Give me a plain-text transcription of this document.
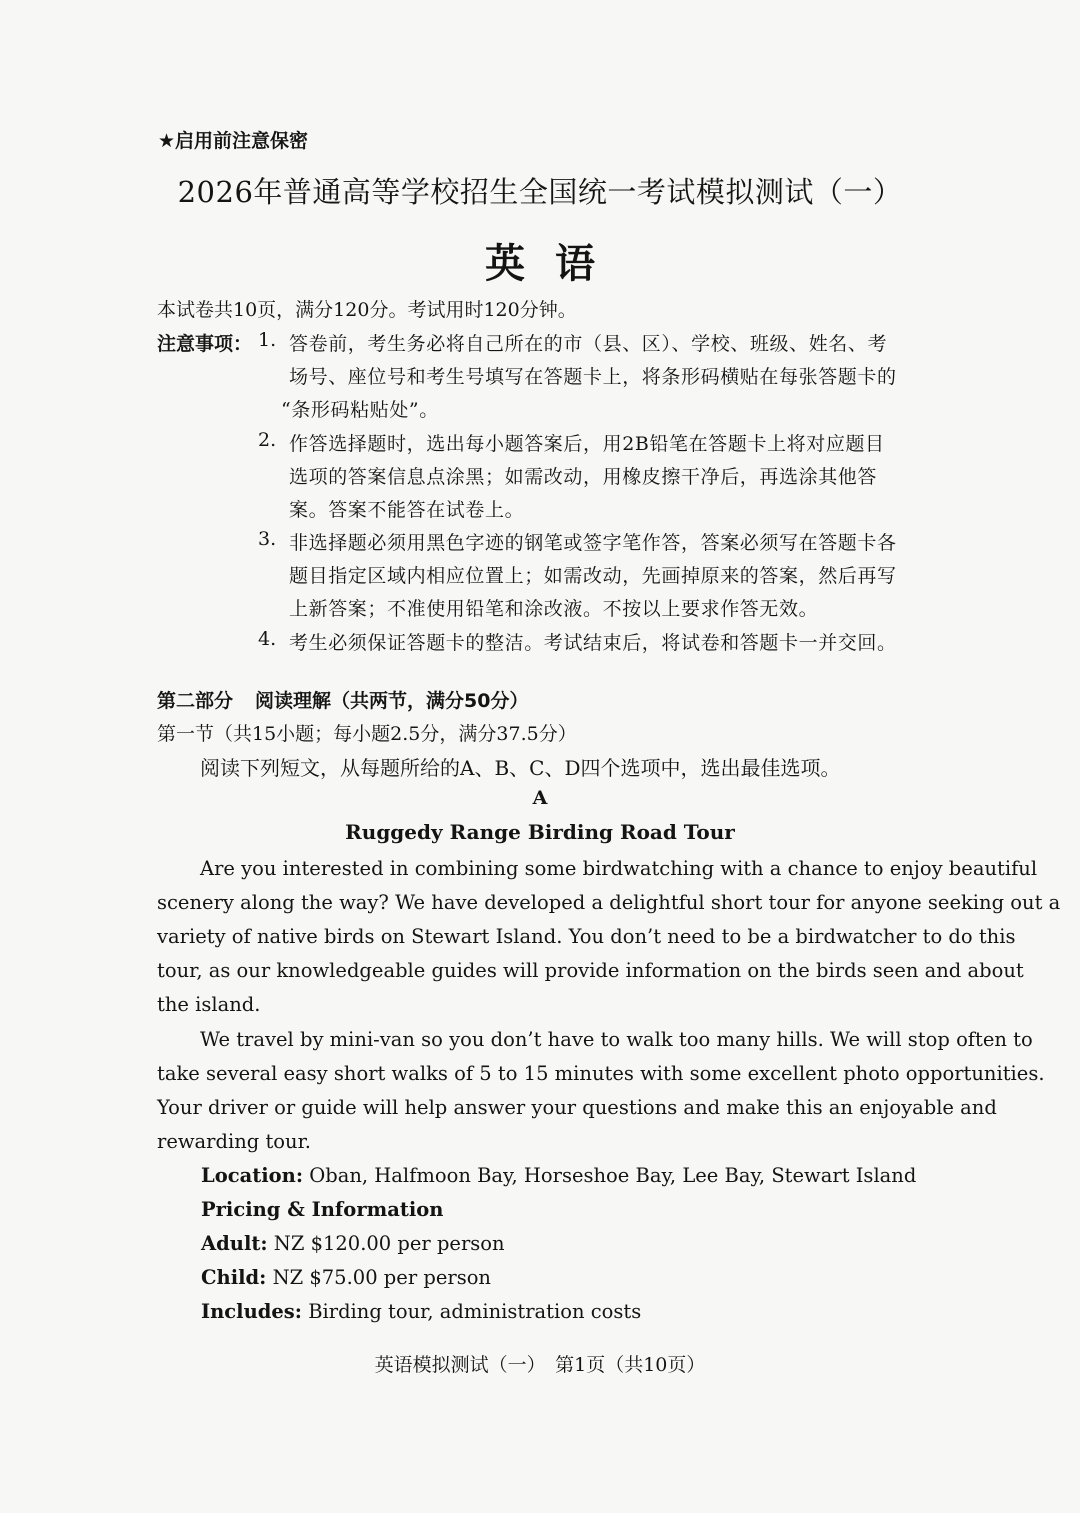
★启用前注意保密
2026年普通高等学校招生全国统一考试模拟测试（一）
英语
本试卷共10页，满分120分。考试用时120分钟。
注意事项： 1. 答卷前，考生务必将自己所在的市（县、区）、学校、班级、姓名、考
场号、座位号和考生号填写在答题卡上，将条形码横贴在每张答题卡的
“条形码粘贴处”。
2. 作答选择题时，选出每小题答案后，用2B铅笔在答题卡上将对应题目
选项的答案信息点涂黑；如需改动，用橡皮擦干净后，再选涂其他答
案。答案不能答在试卷上。
3. 非选择题必须用黑色字迹的钢笔或签字笔作答，答案必须写在答题卡各
题目指定区域内相应位置上；如需改动，先画掉原来的答案，然后再写
上新答案；不准使用铅笔和涂改液。不按以上要求作答无效。
4. 考生必须保证答题卡的整洁。考试结束后，将试卷和答题卡一并交回。
第二部分 阅读理解（共两节，满分50分）
第一节（共15小题；每小题2.5分，满分37.5分）
阅读下列短文，从每题所给的A、B、C、D四个选项中，选出最佳选项。
A
Ruggedy Range Birding Road Tour
Are you interested in combining some birdwatching with a chance to enjoy beautiful
scenery along the way? We have developed a delightful short tour for anyone seeking out a
variety of native birds on Stewart Island. You don’t need to be a birdwatcher to do this
tour, as our knowledgeable guides will provide information on the birds seen and about
the island.
We travel by mini-van so you don’t have to walk too many hills. We will stop often to
take several easy short walks of 5 to 15 minutes with some excellent photo opportunities.
Your driver or guide will help answer your questions and make this an enjoyable and
rewarding tour.
Location: Oban, Halfmoon Bay, Horseshoe Bay, Lee Bay, Stewart Island
Pricing & Information
Adult: NZ $120.00 per person
Child: NZ $75.00 per person
Includes: Birding tour, administration costs
英语模拟测试（一）　第1页（共10页）
